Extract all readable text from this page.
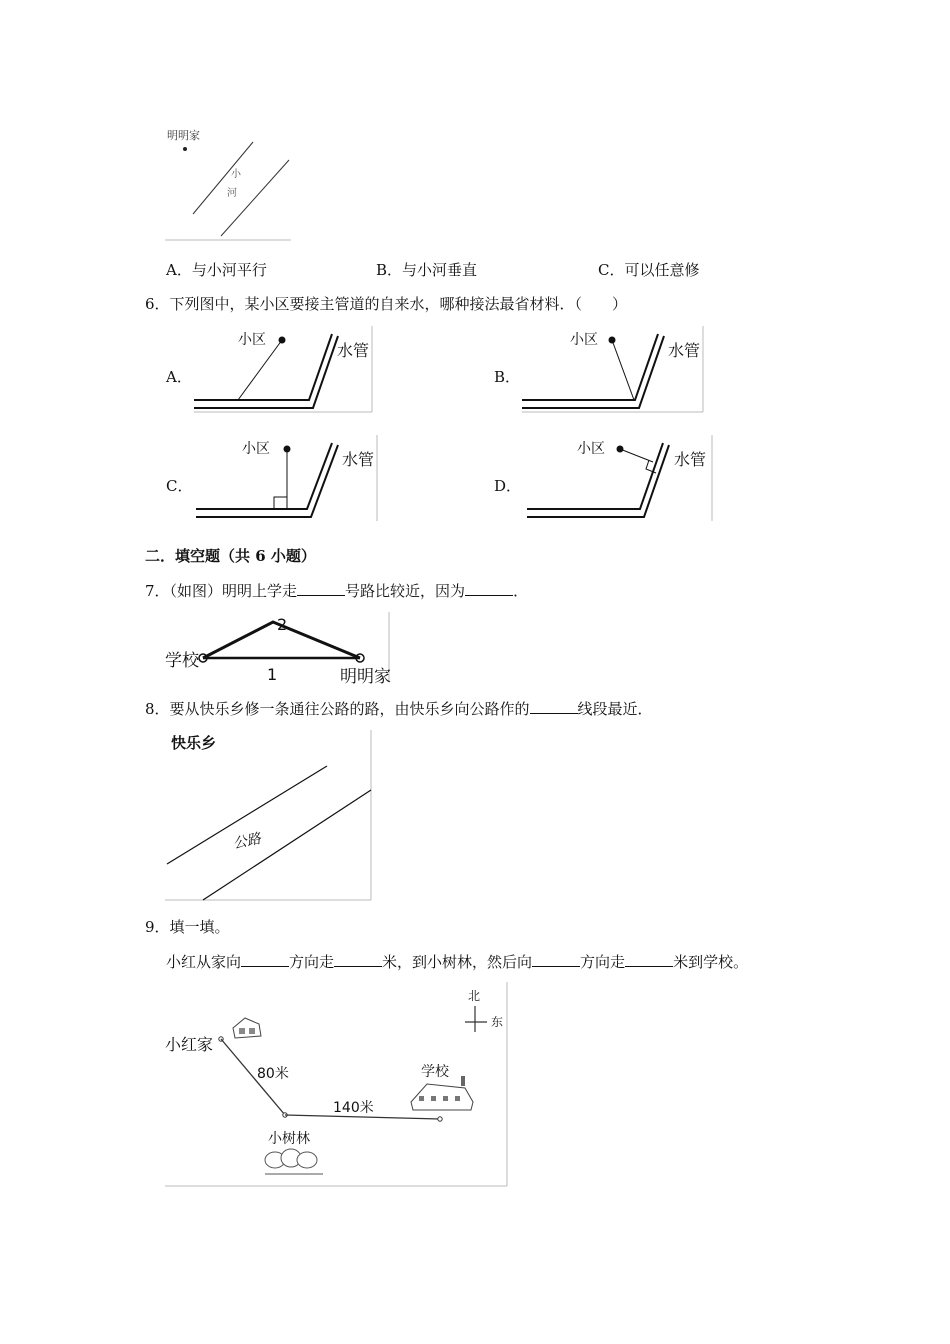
明明家
小
河
A．与小河平行	B．与小河垂直	C．可以任意修
6．下列图中，某小区要接主管道的自来水，哪种接法最省材料．（　　）
A．
小区
水管
B．
小区
水管
C．
小区
水管
D．
小区
水管
二．填空题（共 6 小题）
7．（如图）明明上学走	号路比较近，因为	．
学校
2
1	明明家
8．要从快乐乡修一条通往公路的路，由快乐乡向公路作的	线段最近．
快乐乡
公路
9．填一填。
小红从家向	方向走	米，到小树林，然后向	方向走	米到学校。
北
东
小红家
80米
140米
小树林
学校
